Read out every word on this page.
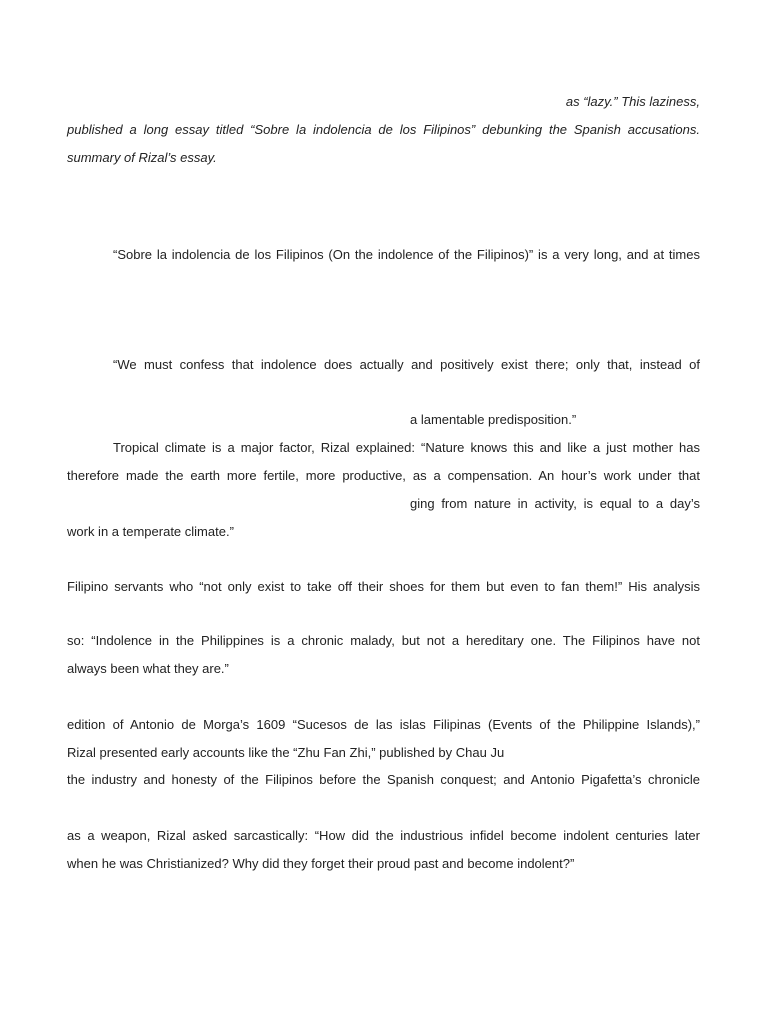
as “lazy.” This laziness,
published a long essay titled “Sobre la indolencia de los Filipinos” debunking the Spanish accusations.
summary of Rizal’s essay.
“Sobre la indolencia de los Filipinos (On the indolence of the Filipinos)” is a very long, and at times
“We must confess that indolence does actually and positively exist there; only that, instead of
a lamentable predisposition.”
Tropical climate is a major factor, Rizal explained: “Nature knows this and like a just mother has
therefore made the earth more fertile, more productive, as a compensation. An hour’s work under that
ging from nature in activity, is equal to a day’s
work in a temperate climate.”
Filipino servants who “not only exist to take off their shoes for them but even to fan them!” His analysis
so: “Indolence in the Philippines is a chronic malady, but not a hereditary one. The Filipinos have not
always been what they are.”
edition of Antonio de Morga’s 1609 “Sucesos de las islas Filipinas (Events of the Philippine Islands),”
Rizal presented early accounts like the “Zhu Fan Zhi,” published by Chau Ju
the industry and honesty of the Filipinos before the Spanish conquest; and Antonio Pigafetta’s chronicle
as a weapon, Rizal asked sarcastically: “How did the industrious infidel become indolent centuries later
when he was Christianized? Why did they forget their proud past and become indolent?”
